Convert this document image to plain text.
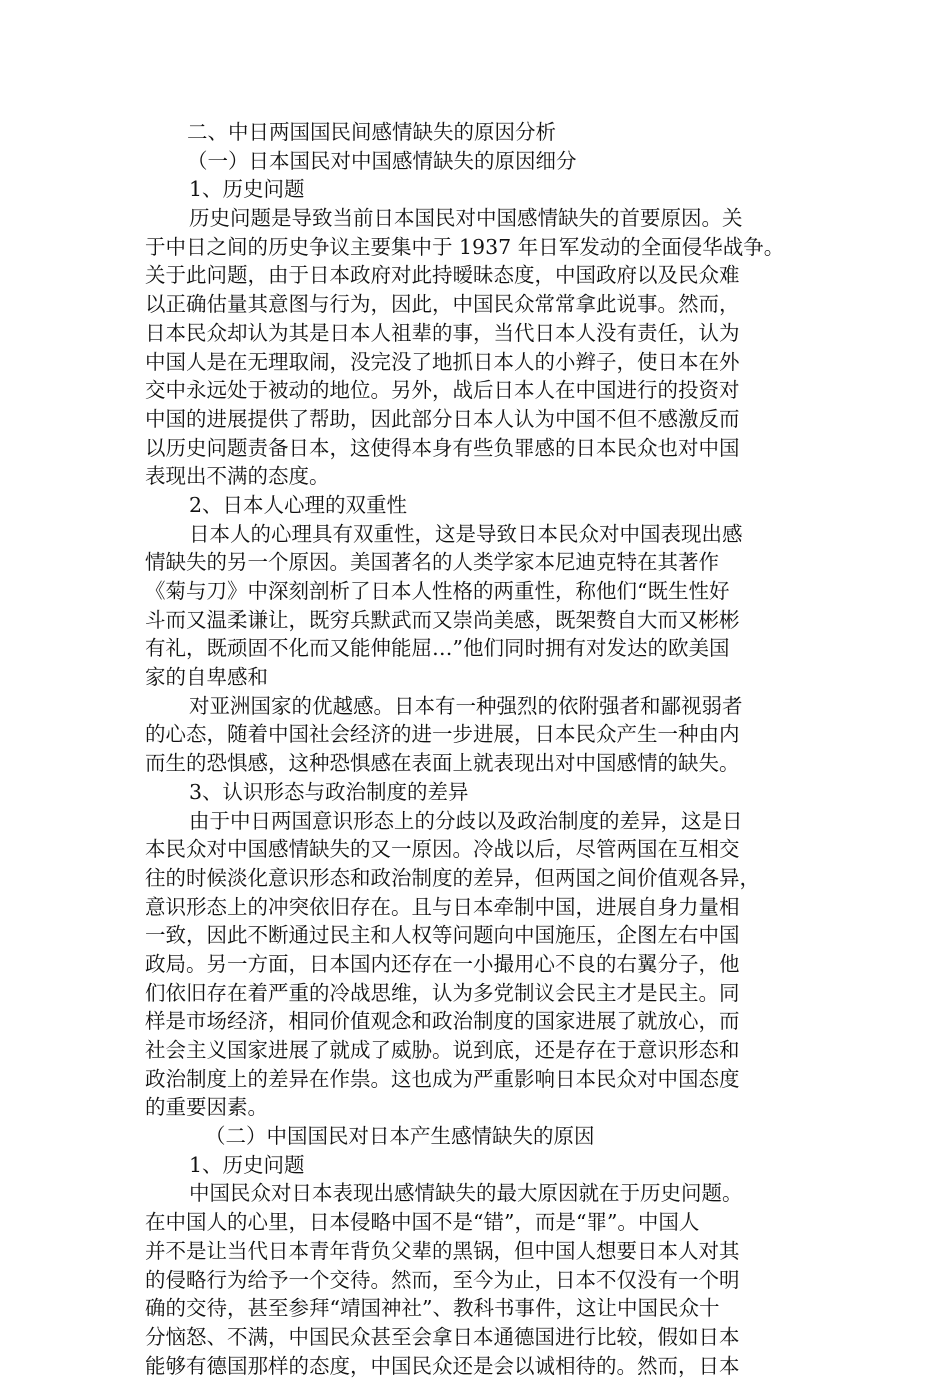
二、中日两国国民间感情缺失的原因分析
（一）日本国民对中国感情缺失的原因细分
1、历史问题
历史问题是导致当前日本国民对中国感情缺失的首要原因。关
于中日之间的历史争议主要集中于 1937 年日军发动的全面侵华战争。
关于此问题，由于日本政府对此持暧昧态度，中国政府以及民众难
以正确估量其意图与行为，因此，中国民众常常拿此说事。然而，
日本民众却认为其是日本人祖辈的事，当代日本人没有责任，认为
中国人是在无理取闹，没完没了地抓日本人的小辫子，使日本在外
交中永远处于被动的地位。另外，战后日本人在中国进行的投资对
中国的进展提供了帮助，因此部分日本人认为中国不但不感激反而
以历史问题责备日本，这使得本身有些负罪感的日本民众也对中国
表现出不满的态度。
2、日本人心理的双重性
日本人的心理具有双重性，这是导致日本民众对中国表现出感
情缺失的另一个原因。美国著名的人类学家本尼迪克特在其著作
《菊与刀》中深刻剖析了日本人性格的两重性，称他们“既生性好
斗而又温柔谦让，既穷兵默武而又崇尚美感，既架赘自大而又彬彬
有礼，既顽固不化而又能伸能屈…”他们同时拥有对发达的欧美国
家的自卑感和
对亚洲国家的优越感。日本有一种强烈的依附强者和鄙视弱者
的心态，随着中国社会经济的进一步进展，日本民众产生一种由内
而生的恐惧感，这种恐惧感在表面上就表现出对中国感情的缺失。
3、认识形态与政治制度的差异
由于中日两国意识形态上的分歧以及政治制度的差异，这是日
本民众对中国感情缺失的又一原因。冷战以后，尽管两国在互相交
往的时候淡化意识形态和政治制度的差异，但两国之间价值观各异，
意识形态上的冲突依旧存在。且与日本牵制中国，进展自身力量相
一致，因此不断通过民主和人权等问题向中国施压，企图左右中国
政局。另一方面，日本国内还存在一小撮用心不良的右翼分子，他
们依旧存在着严重的冷战思维，认为多党制议会民主才是民主。同
样是市场经济，相同价值观念和政治制度的国家进展了就放心，而
社会主义国家进展了就成了威胁。说到底，还是存在于意识形态和
政治制度上的差异在作祟。这也成为严重影响日本民众对中国态度
的重要因素。
（二）中国国民对日本产生感情缺失的原因
1、历史问题
中国民众对日本表现出感情缺失的最大原因就在于历史问题。
在中国人的心里，日本侵略中国不是“错”，而是“罪”。中国人
并不是让当代日本青年背负父辈的黑锅，但中国人想要日本人对其
的侵略行为给予一个交待。然而，至今为止，日本不仅没有一个明
确的交待，甚至参拜“靖国神社”、教科书事件，这让中国民众十
分恼怒、不满，中国民众甚至会拿日本通德国进行比较，假如日本
能够有德国那样的态度，中国民众还是会以诚相待的。然而，日本
